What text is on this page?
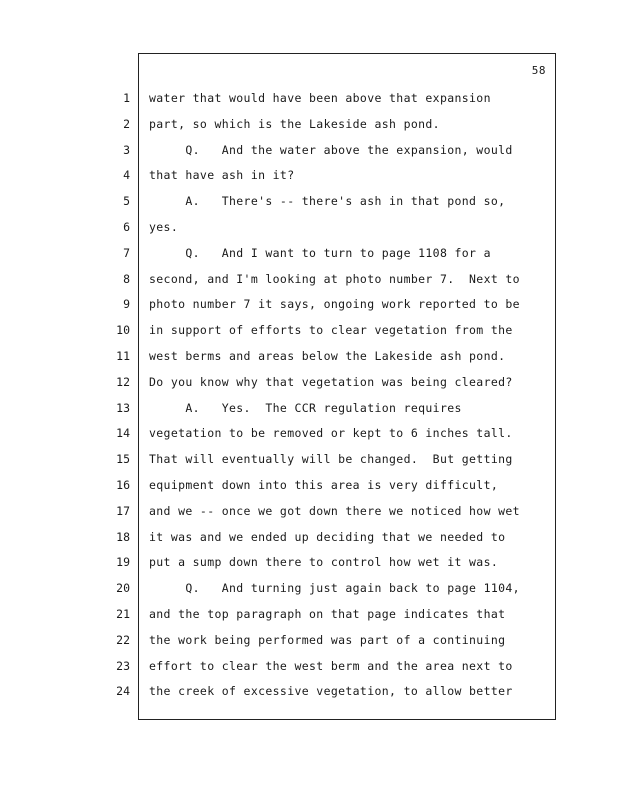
58
1 water that would have been above that expansion
2 part, so which is the Lakeside ash pond.
3 Q.   And the water above the expansion, would
4 that have ash in it?
5 A.   There's -- there's ash in that pond so,
6 yes.
7 Q.   And I want to turn to page 1108 for a
8 second, and I'm looking at photo number 7.  Next to
9 photo number 7 it says, ongoing work reported to be
10 in support of efforts to clear vegetation from the
11 west berms and areas below the Lakeside ash pond.
12 Do you know why that vegetation was being cleared?
13 A.   Yes.  The CCR regulation requires
14 vegetation to be removed or kept to 6 inches tall.
15 That will eventually will be changed.  But getting
16 equipment down into this area is very difficult,
17 and we -- once we got down there we noticed how wet
18 it was and we ended up deciding that we needed to
19 put a sump down there to control how wet it was.
20 Q.   And turning just again back to page 1104,
21 and the top paragraph on that page indicates that
22 the work being performed was part of a continuing
23 effort to clear the west berm and the area next to
24 the creek of excessive vegetation, to allow better
